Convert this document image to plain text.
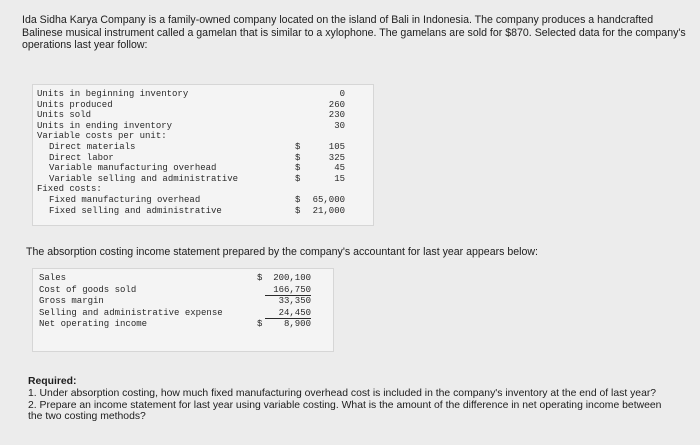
Ida Sidha Karya Company is a family-owned company located on the island of Bali in Indonesia. The company produces a handcrafted Balinese musical instrument called a gamelan that is similar to a xylophone. The gamelans are sold for $870. Selected data for the company's operations last year follow:
Units in beginning inventory	0
Units produced	260
Units sold	230
Units in ending inventory	30
Variable costs per unit:
Direct materials	$	105
Direct labor	$	325
Variable manufacturing overhead	$	45
Variable selling and administrative	$	15
Fixed costs:
Fixed manufacturing overhead	$	65,000
Fixed selling and administrative	$	21,000
The absorption costing income statement prepared by the company's accountant for last year appears below:
Sales	$	200,100
Cost of goods sold	166,750
Gross margin	33,350
Selling and administrative expense	24,450
Net operating income	$	8,900
Required:
1. Under absorption costing, how much fixed manufacturing overhead cost is included in the company's inventory at the end of last year?
2. Prepare an income statement for last year using variable costing. What is the amount of the difference in net operating income between the two costing methods?
